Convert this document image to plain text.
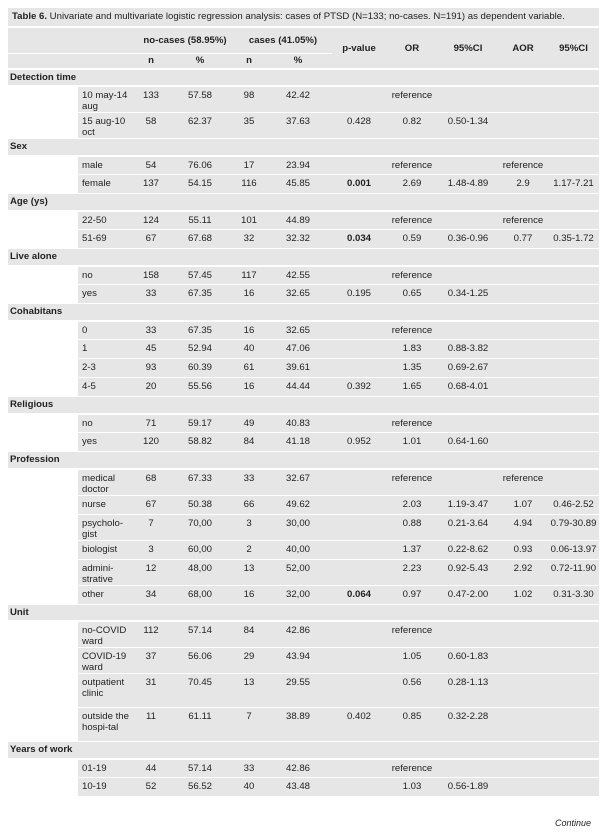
Table 6. Univariate and multivariate logistic regression analysis: cases of PTSD (N=133; no-cases. N=191) as dependent variable.
		no-cases (58.95%)		cases (41.05%)		p-value	OR	95%CI	AOR	95%CI
		n	%	n	%					
Detection time										
	10 may-14 aug	133	57.58	98	42.42		reference			
	15 aug-10 oct	58	62.37	35	37.63	0.428	0.82	0.50-1.34		
Sex										
	male	54	76.06	17	23.94		reference		reference	
	female	137	54.15	116	45.85	0.001	2.69	1.48-4.89	2.9	1.17-7.21
Age (ys)										
	22-50	124	55.11	101	44.89		reference		reference	
	51-69	67	67.68	32	32.32	0.034	0.59	0.36-0.96	0.77	0.35-1.72
Live alone										
	no	158	57.45	117	42.55		reference			
	yes	33	67.35	16	32.65	0.195	0.65	0.34-1.25		
Cohabitans										
	0	33	67.35	16	32.65		reference			
	1	45	52.94	40	47.06		1.83	0.88-3.82		
	2-3	93	60.39	61	39.61		1.35	0.69-2.67		
	4-5	20	55.56	16	44.44	0.392	1.65	0.68-4.01		
Religious										
	no	71	59.17	49	40.83		reference			
	yes	120	58.82	84	41.18	0.952	1.01	0.64-1.60		
Profession										
	medical doctor	68	67.33	33	32.67		reference		reference	
	nurse	67	50.38	66	49.62		2.03	1.19-3.47	1.07	0.46-2.52
	psycholo-gist	7	70,00	3	30,00		0.88	0.21-3.64	4.94	0.79-30.89
	biologist	3	60,00	2	40,00		1.37	0.22-8.62	0.93	0.06-13.97
	admini-strative	12	48,00	13	52,00		2.23	0.92-5.43	2.92	0.72-11.90
	other	34	68,00	16	32,00	0.064	0.97	0.47-2.00	1.02	0.31-3.30
Unit										
	no-COVID ward	112	57.14	84	42.86		reference			
	COVID-19 ward	37	56.06	29	43.94		1.05	0.60-1.83		
	outpatient clinic	31	70.45	13	29.55		0.56	0.28-1.13		
	outside the hospi-tal	11	61.11	7	38.89	0.402	0.85	0.32-2.28		
Years of work										
	01-19	44	57.14	33	42.86		reference			
	10-19	52	56.52	40	43.48		1.03	0.56-1.89		
Continue
